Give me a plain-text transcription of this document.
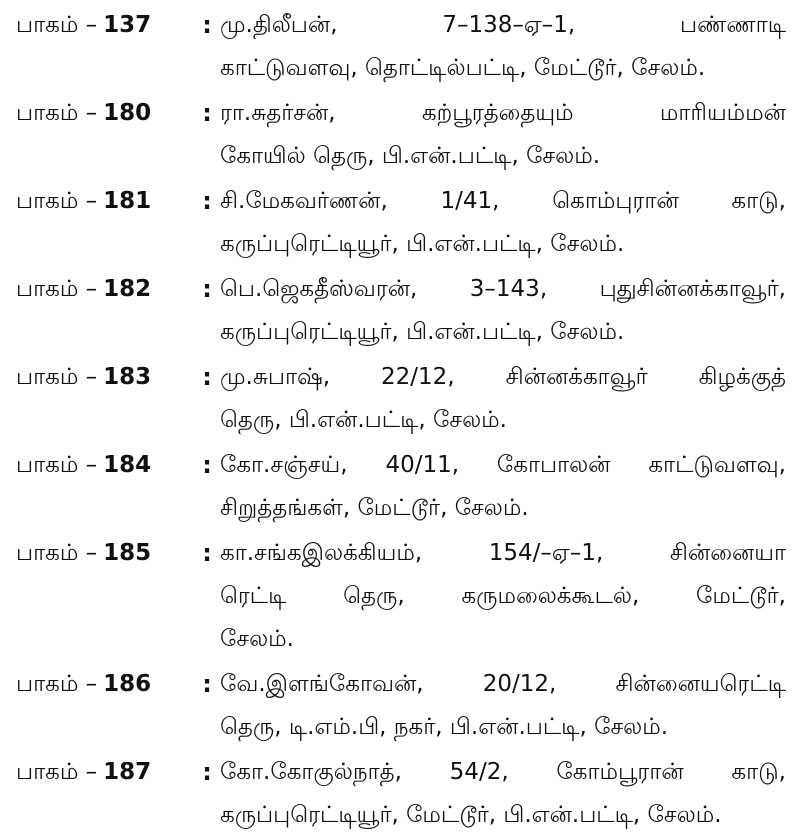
பாகம் – 137	: மு.திலீபன், 7–138–ஏ–1, பண்ணாடி
காட்டுவளவு, தொட்டில்பட்டி, மேட்டூர், சேலம்.
பாகம் – 180	: ரா.சுதர்சன், கற்பூரத்தையும் மாரியம்மன்
கோயில் தெரு, பி.என்.பட்டி, சேலம்.
பாகம் – 181	: சி.மேகவர்ணன், 1/41, கொம்புரான் காடு,
கருப்புரெட்டியூர், பி.என்.பட்டி, சேலம்.
பாகம் – 182	: பெ.ஜெகதீஸ்வரன், 3–143, புதுசின்னக்காவூர்,
கருப்புரெட்டியூர், பி.என்.பட்டி, சேலம்.
பாகம் – 183	: மு.சுபாஷ், 22/12, சின்னக்காவூர் கிழக்குத்
தெரு, பி.என்.பட்டி, சேலம்.
பாகம் – 184	: கோ.சஞ்சய், 40/11, கோபாலன் காட்டுவளவு,
சிறுத்தங்கள், மேட்டூர், சேலம்.
பாகம் – 185	: கா.சங்கஇலக்கியம், 154/–ஏ–1, சின்னையா
ரெட்டி தெரு, கருமலைக்கூடல், மேட்டூர்,
சேலம்.
பாகம் – 186	: வே.இளங்கோவன், 20/12, சின்னையரெட்டி
தெரு, டி.எம்.பி, நகர், பி.என்.பட்டி, சேலம்.
பாகம் – 187	: கோ.கோகுல்நாத், 54/2, கோம்பூரான் காடு,
கருப்புரெட்டியூர், மேட்டூர், பி.என்.பட்டி, சேலம்.
